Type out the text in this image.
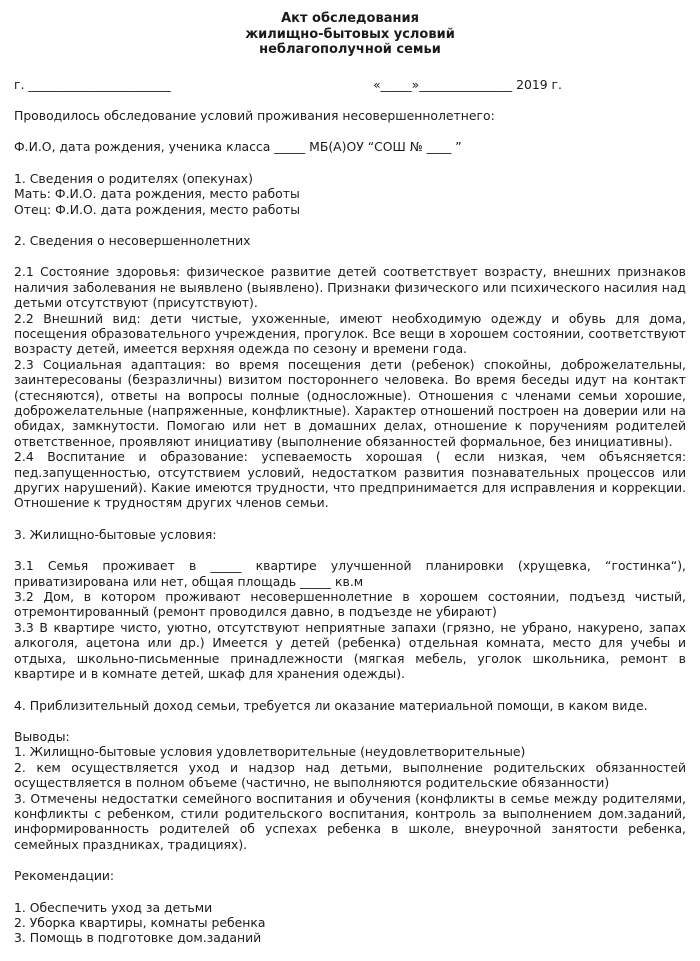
Акт обследования
жилищно-бытовых условий
неблагополучной семьи
г. _______________________	«_____»_______________ 2019 г.

Проводилось обследование условий проживания несовершеннолетнего:

Ф.И.О, дата рождения, ученика класса _____ МБ(А)ОУ “СОШ № ____ ”

1. Сведения о родителях (опекунах)

Мать: Ф.И.О. дата рождения, место работы

Отец: Ф.И.О. дата рождения, место работы

2. Сведения о несовершеннолетних

2.1 Состояние здоровья: физическое развитие детей соответствует возрасту, внешних признаков наличия заболевания не выявлено (выявлено). Признаки физического или психического насилия над детьми отсутствуют (присутствуют).

2.2 Внешний вид: дети чистые, ухоженные, имеют необходимую одежду и обувь для дома, посещения образовательного учреждения, прогулок. Все вещи в хорошем состоянии, соответствуют возрасту детей, имеется верхняя одежда по сезону и времени года.

2.3 Социальная адаптация: во время посещения дети (ребенок) спокойны, доброжелательны, заинтересованы (безразличны) визитом постороннего человека. Во время беседы идут на контакт (стесняются), ответы на вопросы полные (односложные). Отношения с членами семьи хорошие, доброжелательные (напряженные, конфликтные). Характер отношений построен на доверии или на обидах, замкнутости. Помогаю или нет в домашних делах, отношение к поручениям родителей ответственное, проявляют инициативу (выполнение обязанностей формальное, без инициативны).

2.4 Воспитание и образование: успеваемость хорошая ( если низкая, чем объясняется: пед.запущенностью, отсутствием условий, недостатком развития познавательных процессов или других нарушений). Какие имеются трудности, что предпринимается для исправления и коррекции. Отношение к трудностям других членов семьи.

3. Жилищно-бытовые условия:

3.1 Семья проживает в _____ квартире улучшенной планировки (хрущевка, “гостинка“), приватизирована или нет, общая площадь _____ кв.м

3.2 Дом, в котором проживают несовершеннолетние в хорошем состоянии, подъезд чистый, отремонтированный (ремонт проводился давно, в подъезде не убирают)

3.3 В квартире чисто, уютно, отсутствуют неприятные запахи (грязно, не убрано, накурено, запах алкоголя, ацетона или др.) Имеется у детей (ребенка) отдельная комната, место для учебы и отдыха, школьно-письменные принадлежности (мягкая мебель, уголок школьника, ремонт в квартире и в комнате детей, шкаф для хранения одежды).

4. Приблизительный доход семьи, требуется ли оказание материальной помощи, в каком виде.

Выводы:

1. Жилищно-бытовые условия удовлетворительные (неудовлетворительные)

2. кем осуществляется уход и надзор над детьми, выполнение родительских обязанностей осуществляется в полном объеме (частично, не выполняются родительские обязанности)

3. Отмечены недостатки семейного воспитания и обучения (конфликты в семье между родителями, конфликты с ребенком, стили родительского воспитания, контроль за выполнением дом.заданий, информированность родителей об успехах ребенка в школе, внеурочной занятости ребенка, семейных праздниках, традициях).

Рекомендации:

1. Обеспечить уход за детьми

2. Уборка квартиры, комнаты ребенка

3. Помощь в подготовке дом.заданий
